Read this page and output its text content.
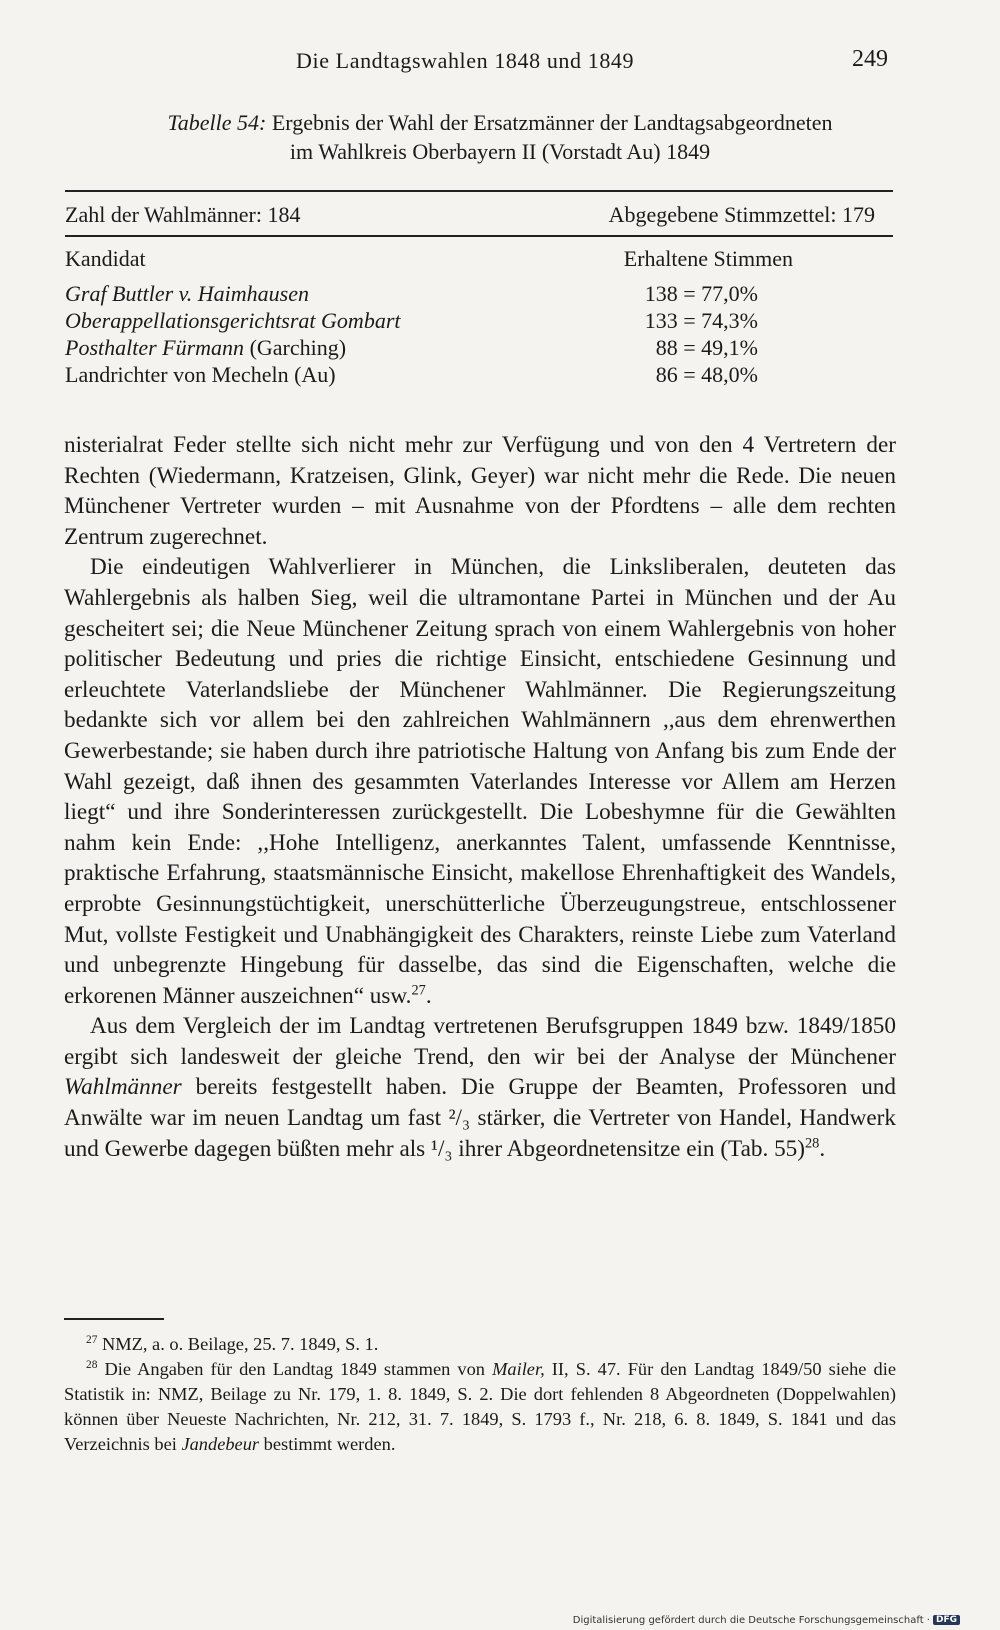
Die Landtagswahlen 1848 und 1849	249
Tabelle 54: Ergebnis der Wahl der Ersatzmänner der Landtagsabgeordneten
im Wahlkreis Oberbayern II (Vorstadt Au) 1849
Zahl der Wahlmänner: 184	Abgegebene Stimmzettel: 179
Kandidat	Erhaltene Stimmen
Graf Buttler v. Haimhausen	138 = 77,0%
Oberappellationsgerichtsrat Gombart	133 = 74,3%
Posthalter Fürmann (Garching)	88 = 49,1%
Landrichter von Mecheln (Au)	86 = 48,0%

nisterialrat Feder stellte sich nicht mehr zur Verfügung und von den 4 Vertretern der Rechten (Wiedermann, Kratzeisen, Glink, Geyer) war nicht mehr die Rede. Die neuen Münchener Vertreter wurden – mit Ausnahme von der Pfordtens – alle dem rechten Zentrum zugerechnet.

Die eindeutigen Wahlverlierer in München, die Linksliberalen, deuteten das Wahlergebnis als halben Sieg, weil die ultramontane Partei in München und der Au gescheitert sei; die Neue Münchener Zeitung sprach von einem Wahlergebnis von hoher politischer Bedeutung und pries die richtige Einsicht, entschiedene Gesinnung und erleuchtete Vaterlandsliebe der Münchener Wahlmänner. Die Regierungszeitung bedankte sich vor allem bei den zahlreichen Wahlmännern ,,aus dem ehrenwerthen Gewerbestande; sie haben durch ihre patriotische Haltung von Anfang bis zum Ende der Wahl gezeigt, daß ihnen des gesammten Vaterlandes Interesse vor Allem am Herzen liegt“ und ihre Sonderinteressen zurückgestellt. Die Lobeshymne für die Gewählten nahm kein Ende: ,,Hohe Intelligenz, anerkanntes Talent, umfassende Kenntnisse, praktische Erfahrung, staatsmännische Einsicht, makellose Ehrenhaftigkeit des Wandels, erprobte Gesinnungstüchtigkeit, unerschütterliche Überzeugungstreue, entschlossener Mut, vollste Festigkeit und Unabhängigkeit des Charakters, reinste Liebe zum Vaterland und unbegrenzte Hingebung für dasselbe, das sind die Eigenschaften, welche die erkorenen Männer auszeichnen“ usw.$^{27}$.

Aus dem Vergleich der im Landtag vertretenen Berufsgruppen 1849 bzw. 1849/1850 ergibt sich landesweit der gleiche Trend, den wir bei der Analyse der Münchener Wahlmänner bereits festgestellt haben. Die Gruppe der Beamten, Professoren und Anwälte war im neuen Landtag um fast ²/₃ stärker, die Vertreter von Handel, Handwerk und Gewerbe dagegen büßten mehr als ¹/₃ ihrer Abgeordnetensitze ein (Tab. 55)$^{28}$.

$^{27}$ NMZ, a. o. Beilage, 25. 7. 1849, S. 1.

$^{28}$ Die Angaben für den Landtag 1849 stammen von Mailer, II, S. 47. Für den Landtag 1849/50 siehe die Statistik in: NMZ, Beilage zu Nr. 179, 1. 8. 1849, S. 2. Die dort fehlenden 8 Abgeordneten (Doppelwahlen) können über Neueste Nachrichten, Nr. 212, 31. 7. 1849, S. 1793 f., Nr. 218, 6. 8. 1849, S. 1841 und das Verzeichnis bei Jandebeur bestimmt werden.

Digitalisierung gefördert durch die Deutsche Forschungsgemeinschaft · DFG
